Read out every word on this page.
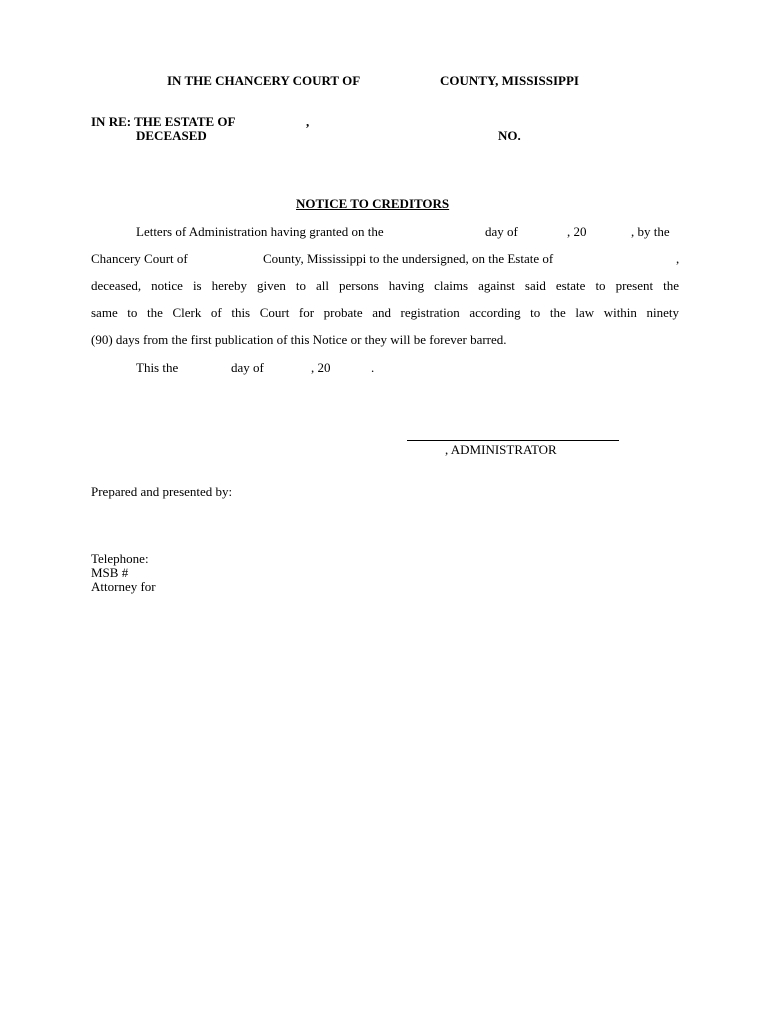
IN THE CHANCERY COURT OF	COUNTY, MISSISSIPPI
IN RE: THE ESTATE OF	,
DECEASED	NO.
NOTICE TO CREDITORS
Letters of Administration having granted on the	day of	, 20	, by the
Chancery Court of	County, Mississippi to the undersigned, on the Estate of	,
deceased, notice is hereby given to all persons having claims against said estate to present the
same to the Clerk of this Court for probate and registration according to the law within ninety
(90) days from the first publication of this Notice or they will be forever barred.
This the	day of	, 20	.
, ADMINISTRATOR
Prepared and presented by:
Telephone:
MSB #
Attorney for
